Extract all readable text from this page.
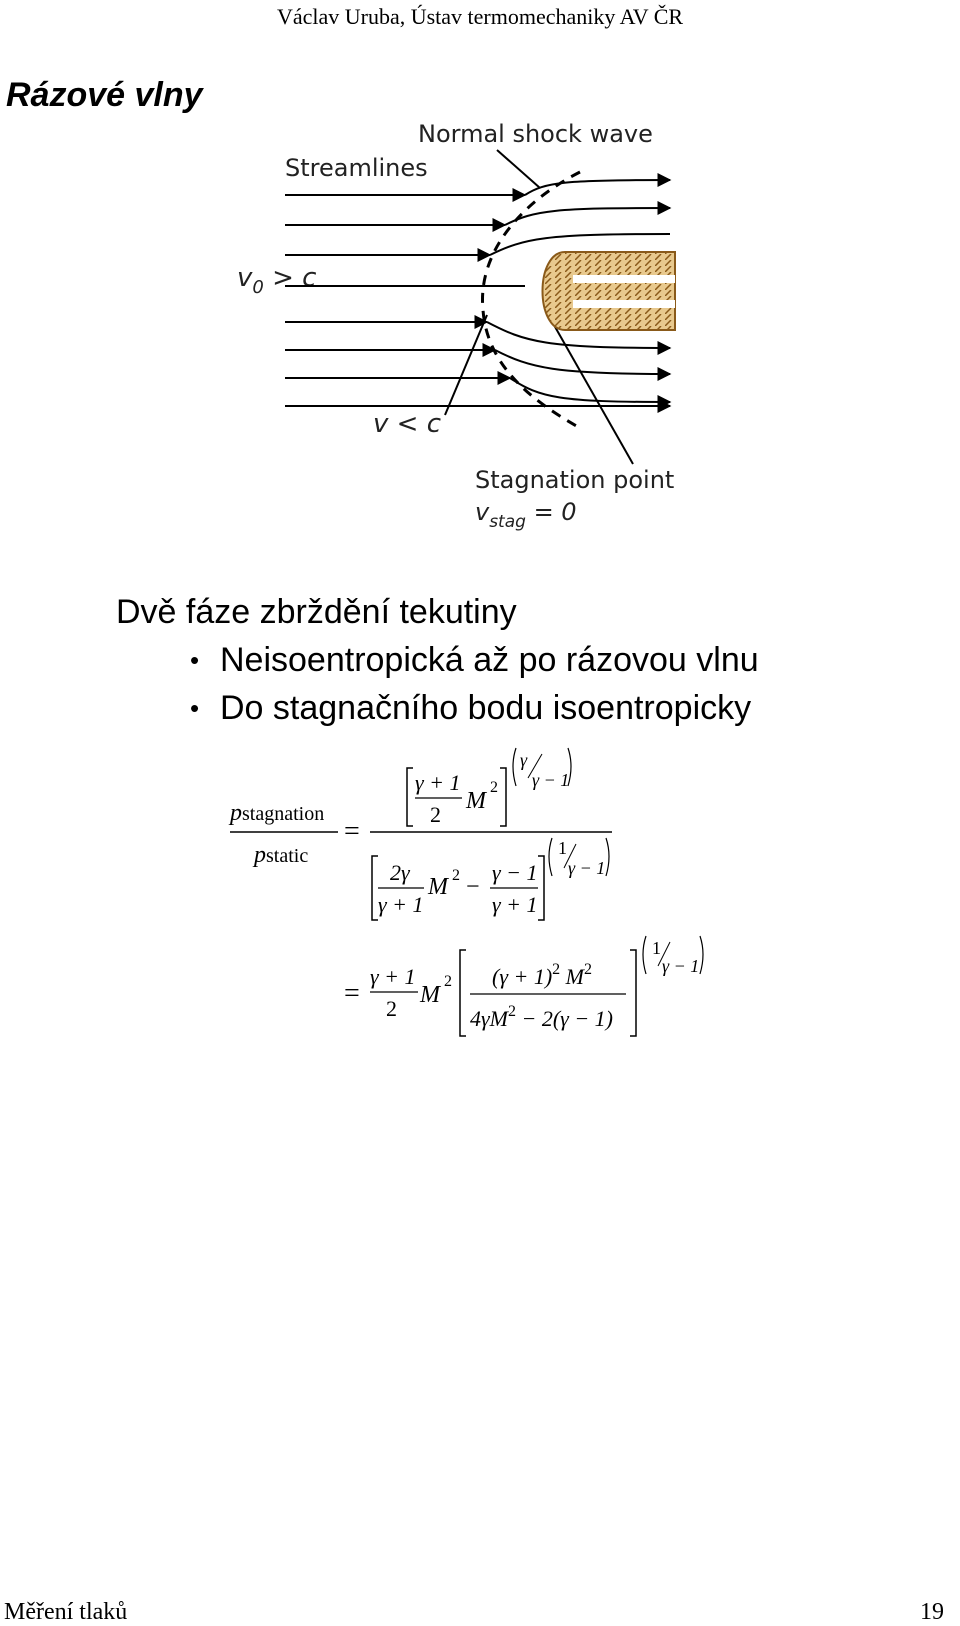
Václav Uruba, Ústav termomechaniky AV ČR
Rázové vlny
Normal shock wave
Streamlines
$v_0 > c$
v < c
Stagnation point
$v_{stag} = 0$
Dvě fáze zbrždění tekutiny
• Neisoentropická až po rázovou vlnu
• Do stagnačního bodu isoentropicky
pstagnation
pstatic
=
γ + 1
2
M
2
γ
γ − 1
2γ
γ + 1
M 2 −
γ − 1
γ + 1
1
γ − 1
=
γ + 1
2
M
2 $(\gamma + 1)^2$ $M^2$
$4\gamma M^2 - 2(\gamma - 1)$
1
γ − 1
Měření tlaků	19
